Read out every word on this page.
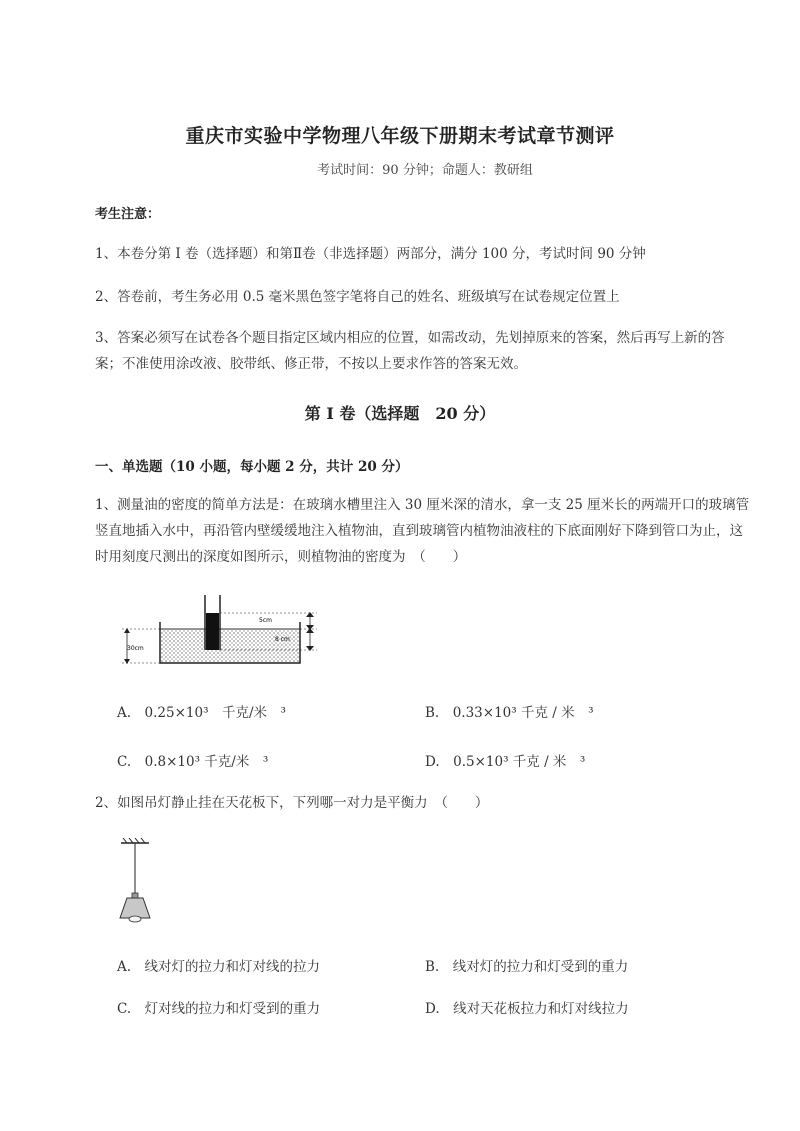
重庆市实验中学物理八年级下册期末考试章节测评
考试时间：90 分钟；命题人：教研组
考生注意：
1、本卷分第 I 卷（选择题）和第Ⅱ卷（非选择题）两部分，满分 100 分，考试时间 90 分钟
2、答卷前，考生务必用 0.5 毫米黑色签字笔将自己的姓名、班级填写在试卷规定位置上
3、答案必须写在试卷各个题目指定区域内相应的位置，如需改动，先划掉原来的答案，然后再写上新的答案；不准使用涂改液、胶带纸、修正带，不按以上要求作答的答案无效。
第 I 卷（选择题　20 分）
一、单选题（10 小题，每小题 2 分，共计 20 分）
1、测量油的密度的简单方法是：在玻璃水槽里注入 30 厘米深的清水，拿一支 25 厘米长的两端开口的玻璃管竖直地插入水中，再沿管内壁缓缓地注入植物油，直到玻璃管内植物油液柱的下底面刚好下降到管口为止，这时用刻度尺测出的深度如图所示，则植物油的密度为　（　　）
30cm
5cm
8 cm
A.　0.25×10³　千克/米　³	B.　0.33×10³ 千克 / 米　³
C.　0.8×10³ 千克/米　³	D.　0.5×10³ 千克 / 米　³
2、如图吊灯静止挂在天花板下，下列哪一对力是平衡力　（　　）
A.　线对灯的拉力和灯对线的拉力	B.　线对灯的拉力和灯受到的重力
C.　灯对线的拉力和灯受到的重力	D.　线对天花板拉力和灯对线拉力
